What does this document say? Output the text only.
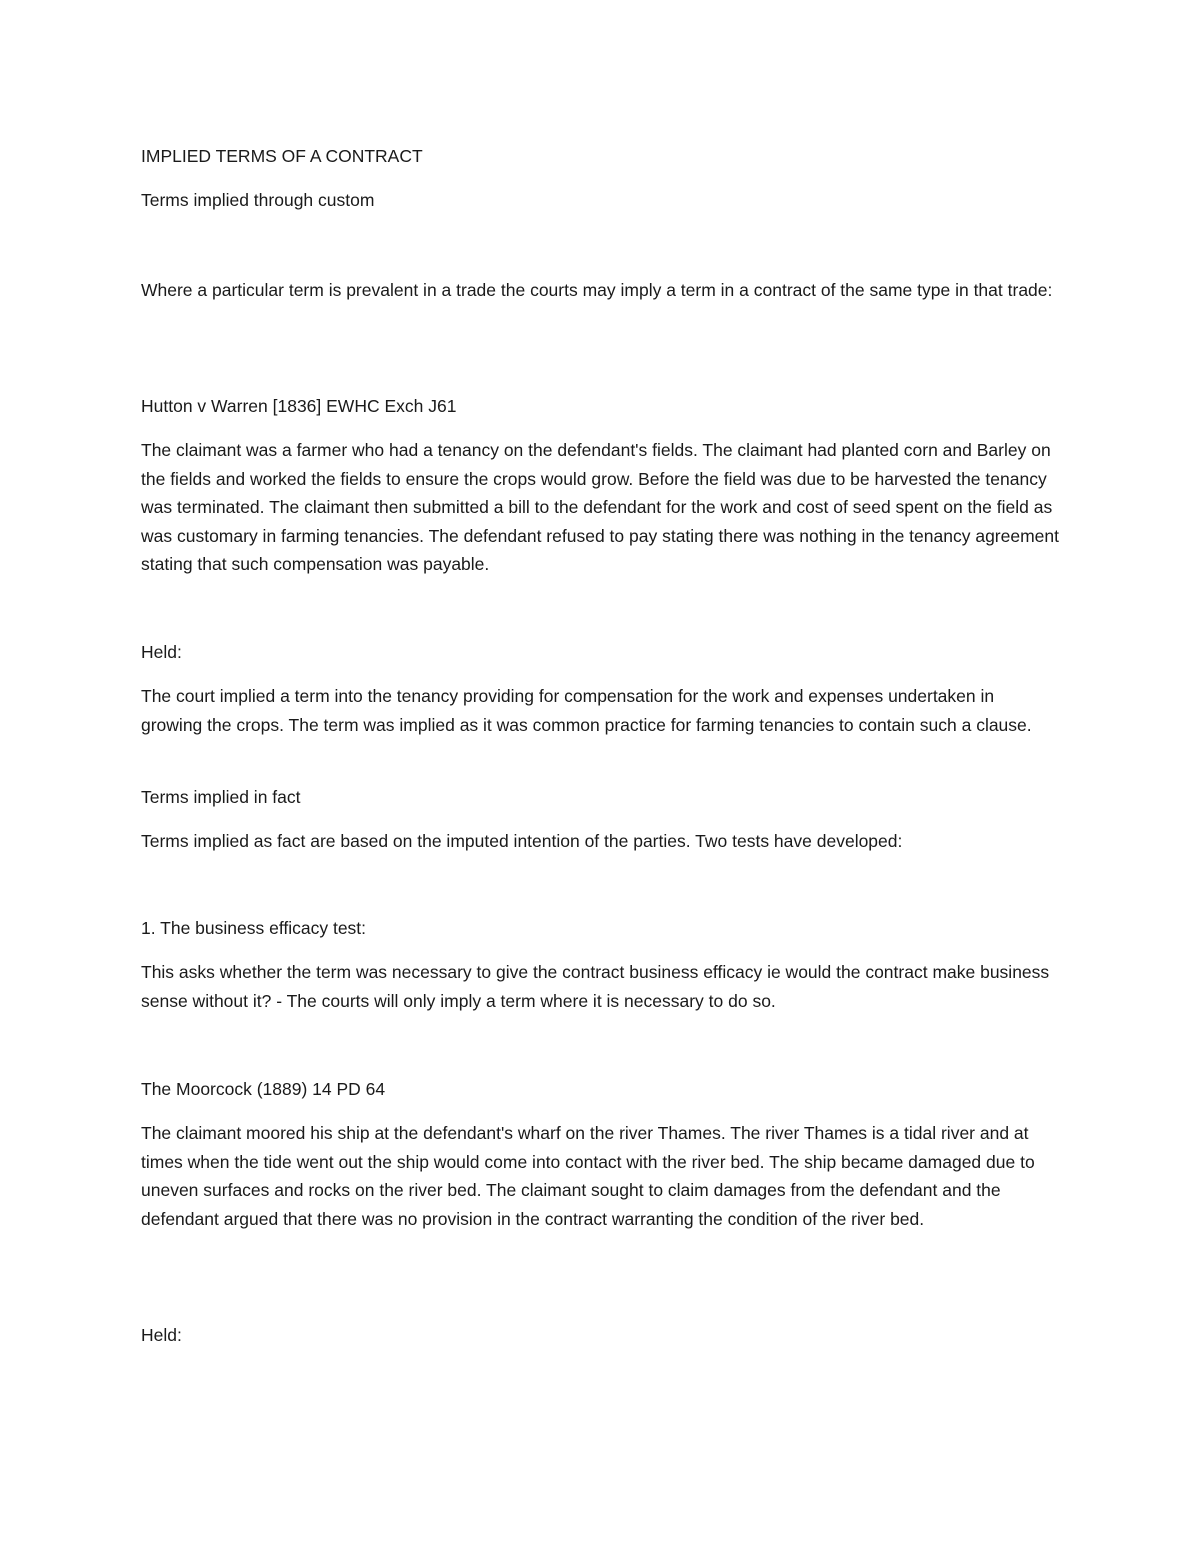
IMPLIED TERMS OF A CONTRACT

Terms implied through custom

Where a particular term is prevalent in a trade the courts may imply a term in a contract of the same type in that trade:

Hutton v Warren [1836] EWHC Exch J61

The claimant was a farmer who had a tenancy on the defendant's fields. The claimant had planted corn and Barley on the fields and worked the fields to ensure the crops would grow. Before the field was due to be harvested the tenancy was terminated. The claimant then submitted a bill to the defendant for the work and cost of seed spent on the field as was customary in farming tenancies. The defendant refused to pay stating there was nothing in the tenancy agreement stating that such compensation was payable.

Held:

The court implied a term into the tenancy providing for compensation for the work and expenses undertaken in growing the crops. The term was implied as it was common practice for farming tenancies to contain such a clause.

Terms implied in fact

Terms implied as fact are based on the imputed intention of the parties. Two tests have developed:

1. The business efficacy test:

This asks whether the term was necessary to give the contract business efficacy ie would the contract make business sense without it? - The courts will only imply a term where it is necessary to do so.

The Moorcock (1889) 14 PD 64

The claimant moored his ship at the defendant's wharf on the river Thames. The river Thames is a tidal river and at times when the tide went out the ship would come into contact with the river bed. The ship became damaged due to uneven surfaces and rocks on the river bed. The claimant sought to claim damages from the defendant and the defendant argued that there was no provision in the contract warranting the condition of the river bed.

Held:
